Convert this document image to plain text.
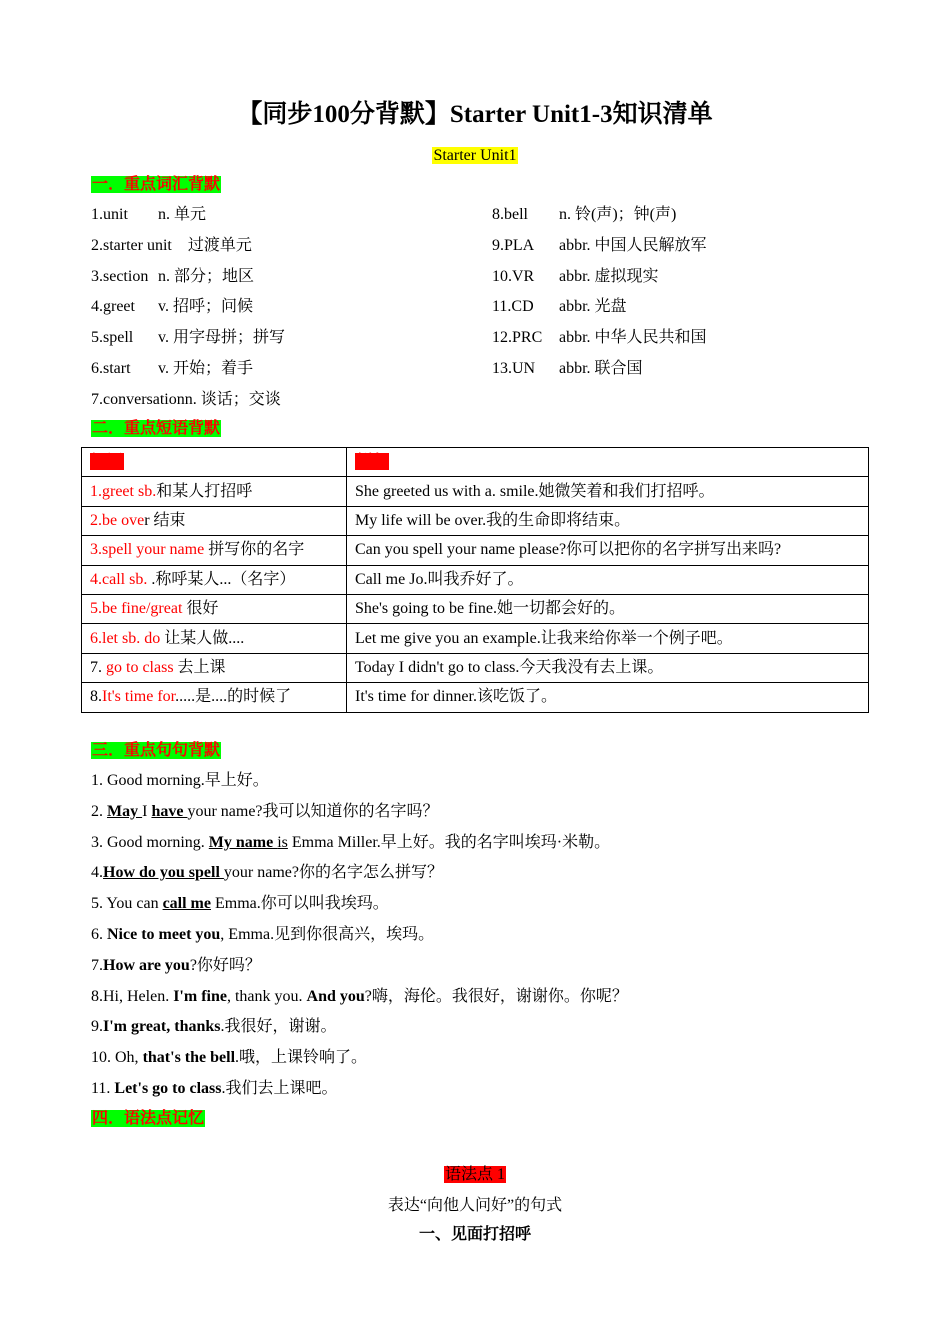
【同步100分背默】Starter Unit1-3知识清单
Starter Unit1
一．重点词汇背默
1.unit n. 单元
2.starter unit 过渡单元
3.section n. 部分；地区
4.greet v. 招呼；问候
5.spell v. 用字母拼；拼写
6.start v. 开始；着手
7.conversationn. 谈话；交谈
8.bell n. 铃(声)；钟(声)
9.PLA abbr. 中国人民解放军
10.VR abbr. 虚拟现实
11.CD abbr. 光盘
12.PRC abbr. 中华人民共和国
13.UN abbr. 联合国
二．重点短语背默
短语	例句
1.greet sb.和某人打招呼	She greeted us with a. smile.她微笑着和我们打招呼。
2.be over 结束	My life will be over.我的生命即将结束。
3.spell your name 拼写你的名字	Can you spell your name please?你可以把你的名字拼写出来吗?
4.call sb. .称呼某人...（名字）	Call me Jo.叫我乔好了。
5.be fine/great 很好	She's going to be fine.她一切都会好的。
6.let sb. do 让某人做....	Let me give you an example.让我来给你举一个例子吧。
7. go to class 去上课	Today I didn't go to class.今天我没有去上课。
8.It's time for.....是....的时候了	It's time for dinner.该吃饭了。
三．重点句句背默
1. Good morning.早上好。
2. May I have your name?我可以知道你的名字吗？
3. Good morning. My name is Emma Miller.早上好。我的名字叫埃玛·米勒。
4.How do you spell your name?你的名字怎么拼写？
5. You can call me Emma.你可以叫我埃玛。
6. Nice to meet you, Emma.见到你很高兴，埃玛。
7.How are you?你好吗？
8.Hi, Helen. I'm fine, thank you. And you?嗨，海伦。我很好，谢谢你。你呢？
9.I'm great, thanks.我很好，谢谢。
10. Oh, that's the bell.哦，上课铃响了。
11. Let's go to class.我们去上课吧。
四．语法点记忆
语法点 1
表达“向他人问好”的句式
一、见面打招呼
